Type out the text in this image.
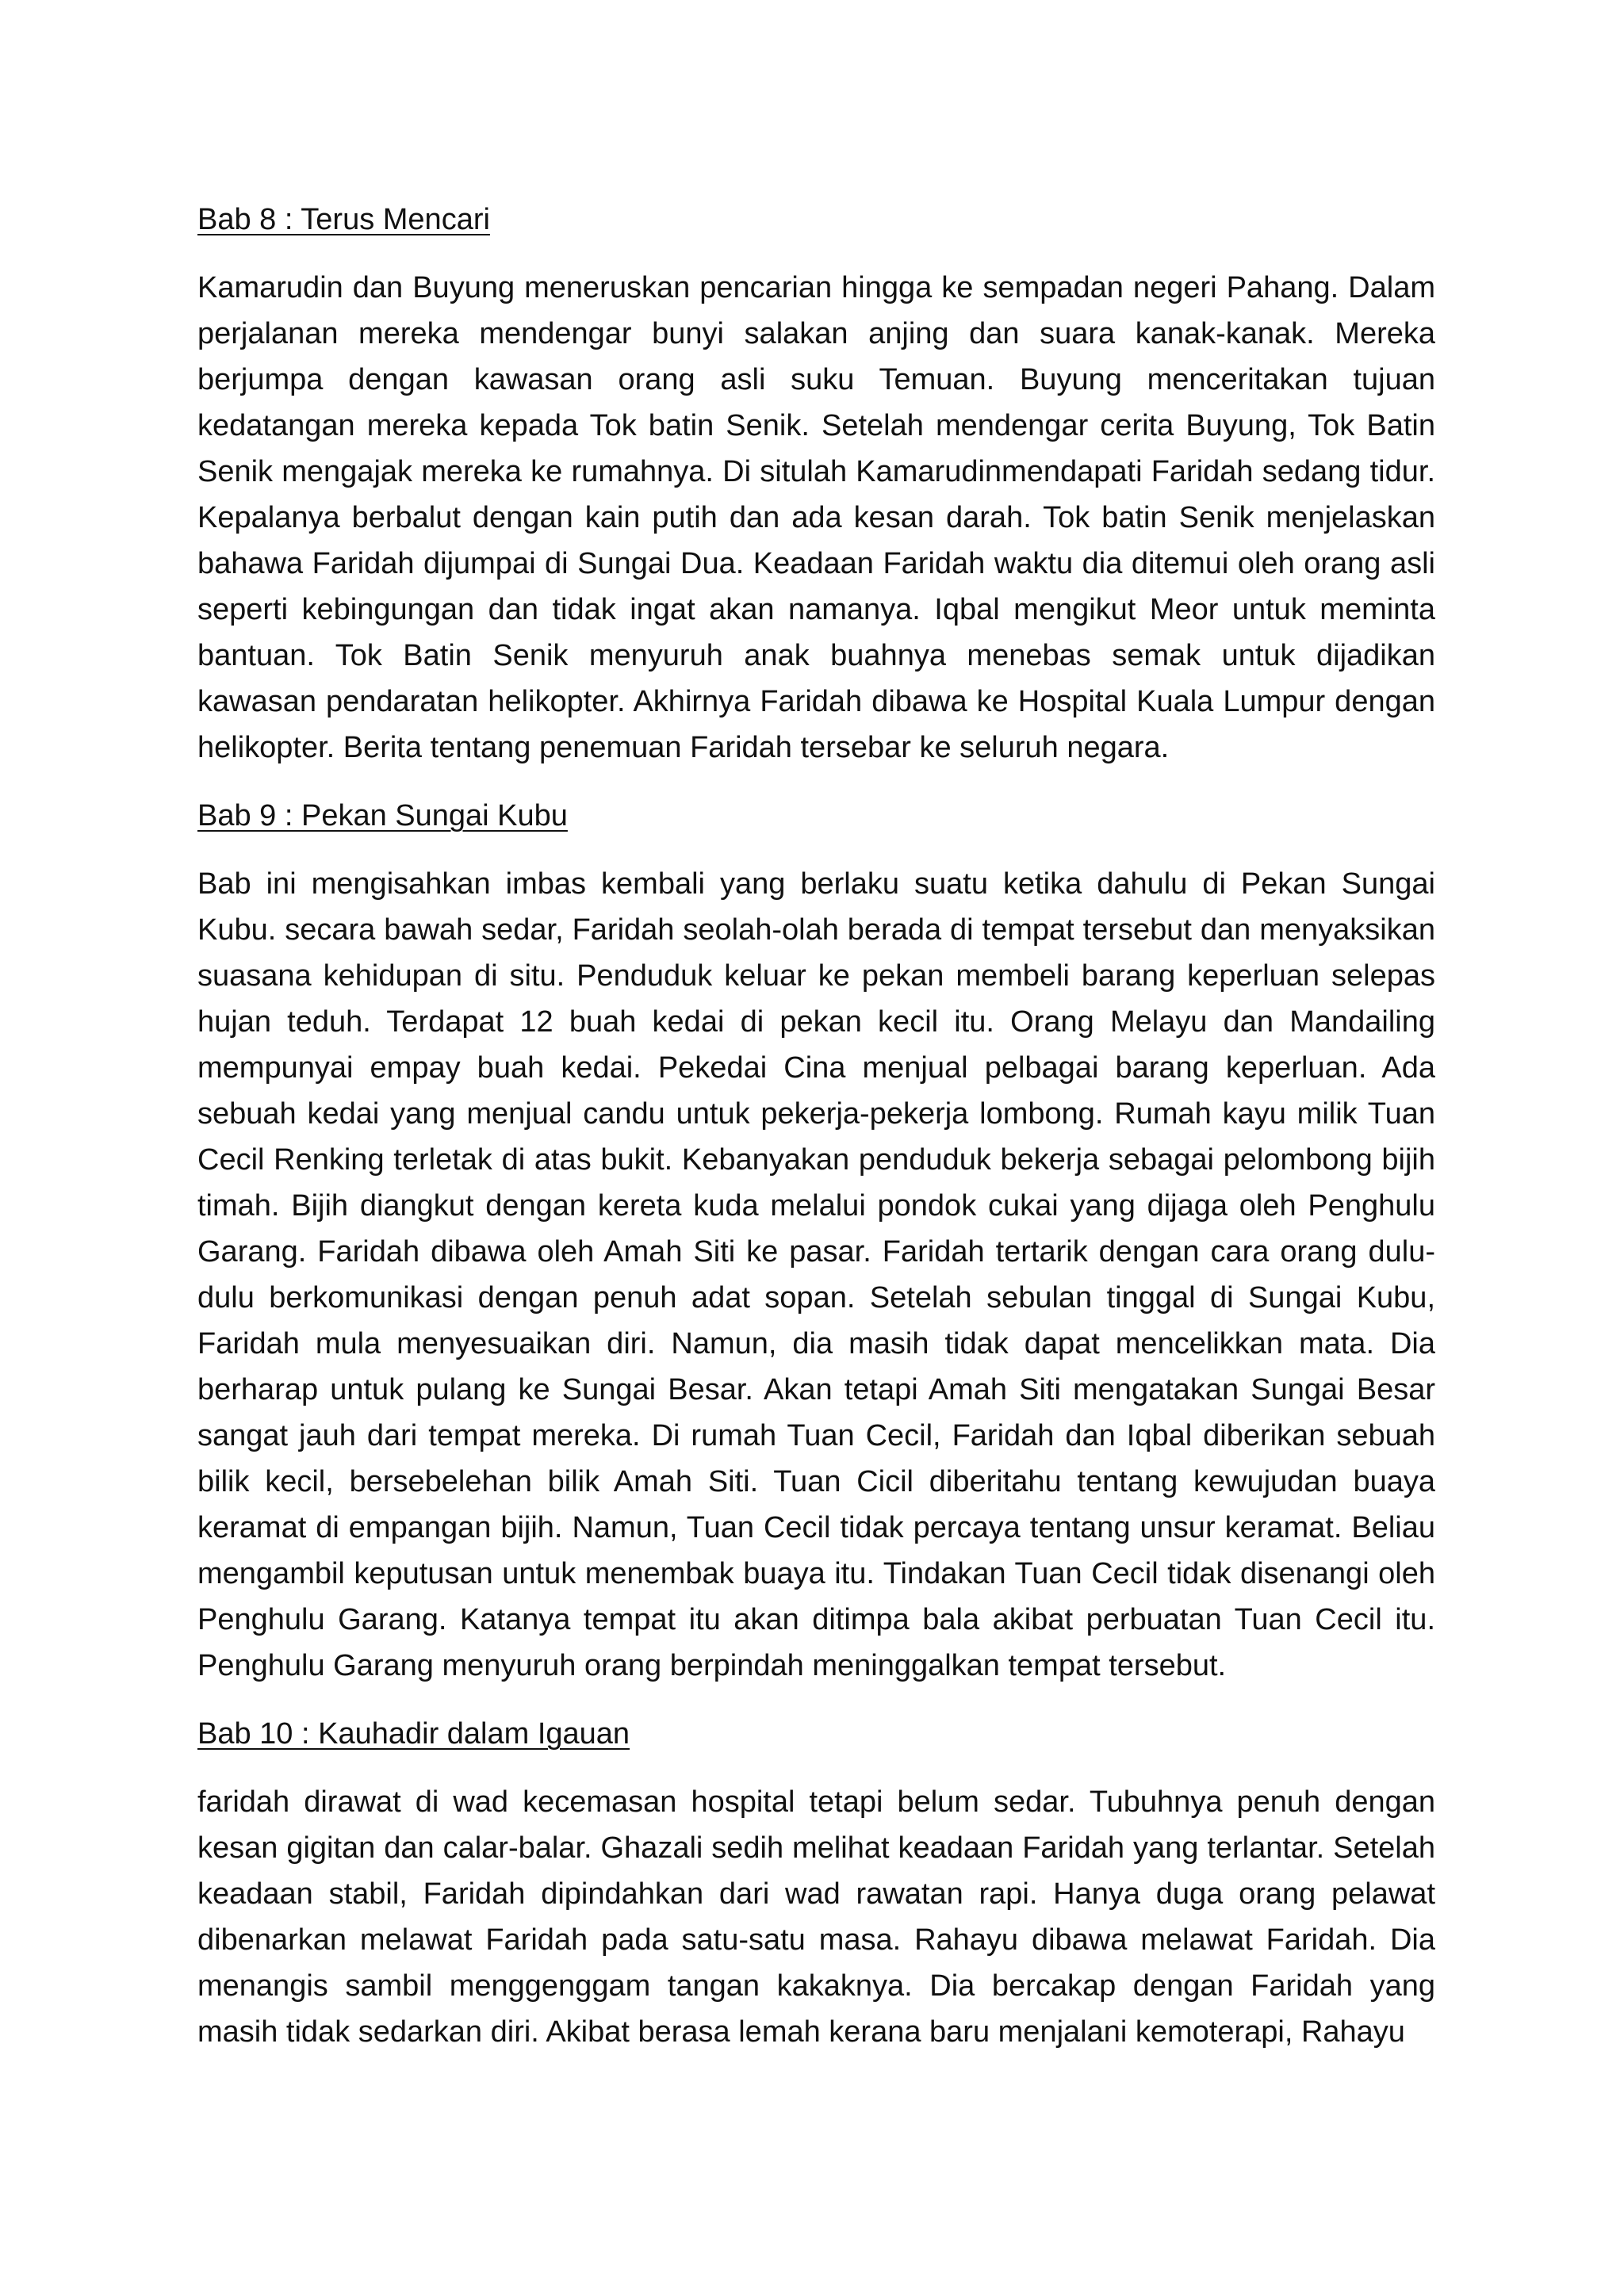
Bab 8 : Terus Mencari

Kamarudin dan Buyung meneruskan pencarian hingga ke sempadan negeri Pahang. Dalam perjalanan mereka mendengar bunyi salakan anjing dan suara kanak-kanak. Mereka berjumpa dengan kawasan orang asli suku Temuan. Buyung menceritakan tujuan kedatangan mereka kepada Tok batin Senik. Setelah mendengar cerita Buyung, Tok Batin Senik mengajak mereka ke rumahnya. Di situlah Kamarudinmendapati Faridah sedang tidur. Kepalanya berbalut dengan kain putih dan ada kesan darah. Tok batin Senik menjelaskan bahawa Faridah dijumpai di Sungai Dua. Keadaan Faridah waktu dia ditemui oleh orang asli seperti kebingungan dan tidak ingat akan namanya. Iqbal mengikut Meor untuk meminta bantuan. Tok Batin Senik menyuruh anak buahnya menebas semak untuk dijadikan kawasan pendaratan helikopter. Akhirnya Faridah dibawa ke Hospital Kuala Lumpur dengan helikopter. Berita tentang penemuan Faridah tersebar ke seluruh negara.

Bab 9 : Pekan Sungai Kubu

Bab ini mengisahkan imbas kembali yang berlaku suatu ketika dahulu di Pekan Sungai Kubu. secara bawah sedar, Faridah seolah-olah berada di tempat tersebut dan menyaksikan suasana kehidupan di situ. Penduduk keluar ke pekan membeli barang keperluan selepas hujan teduh. Terdapat 12 buah kedai di pekan kecil itu. Orang Melayu dan Mandailing mempunyai empay buah kedai. Pekedai Cina menjual pelbagai barang keperluan. Ada sebuah kedai yang menjual candu untuk pekerja-pekerja lombong. Rumah kayu milik Tuan Cecil Renking terletak di atas bukit. Kebanyakan penduduk bekerja sebagai pelombong bijih timah. Bijih diangkut dengan kereta kuda melalui pondok cukai yang dijaga oleh Penghulu Garang. Faridah dibawa oleh Amah Siti ke pasar. Faridah tertarik dengan cara orang dulu-dulu berkomunikasi dengan penuh adat sopan. Setelah sebulan tinggal di Sungai Kubu, Faridah mula menyesuaikan diri. Namun, dia masih tidak dapat mencelikkan mata. Dia berharap untuk pulang ke Sungai Besar. Akan tetapi Amah Siti mengatakan Sungai Besar sangat jauh dari tempat mereka. Di rumah Tuan Cecil, Faridah dan Iqbal diberikan sebuah bilik kecil, bersebelehan bilik Amah Siti. Tuan Cicil diberitahu tentang kewujudan buaya keramat di empangan bijih. Namun, Tuan Cecil tidak percaya tentang unsur keramat. Beliau mengambil keputusan untuk menembak buaya itu. Tindakan Tuan Cecil tidak disenangi oleh Penghulu Garang. Katanya tempat itu akan ditimpa bala akibat perbuatan Tuan Cecil itu. Penghulu Garang menyuruh orang berpindah meninggalkan tempat tersebut.

Bab 10 : Kauhadir dalam Igauan

faridah dirawat di wad kecemasan hospital tetapi belum sedar. Tubuhnya penuh dengan kesan gigitan dan calar-balar. Ghazali sedih melihat keadaan Faridah yang terlantar. Setelah keadaan stabil, Faridah dipindahkan dari wad rawatan rapi. Hanya duga orang pelawat dibenarkan melawat Faridah pada satu-satu masa. Rahayu dibawa melawat Faridah. Dia menangis sambil menggenggam tangan kakaknya. Dia bercakap dengan Faridah yang masih tidak sedarkan diri. Akibat berasa lemah kerana baru menjalani kemoterapi, Rahayu
